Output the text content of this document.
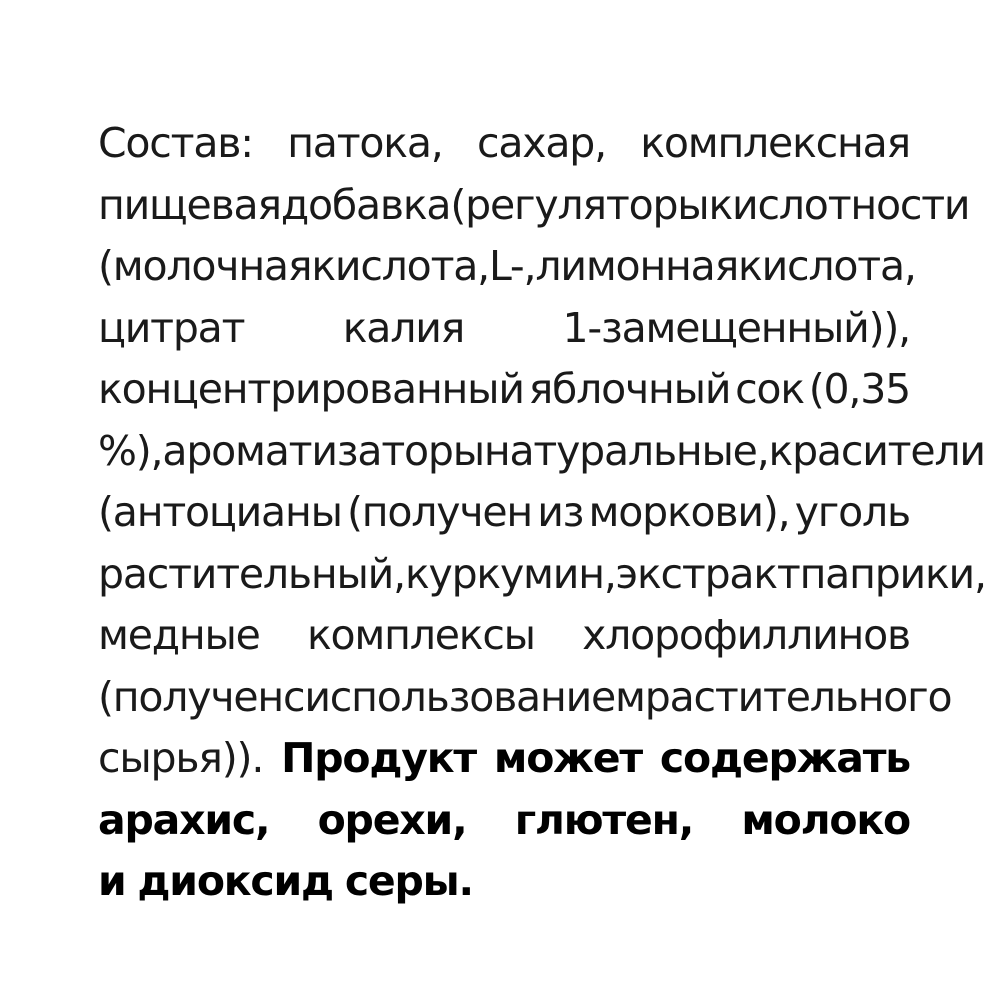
Состав: патока, сахар, комплексная
пищевая добавка (регуляторы кислотности
(молочная кислота, L-, лимонная кислота,
цитрат калия 1-замещенный)),
концентрированный яблочный сок (0,35
%), ароматизаторы натуральные, красители
(антоцианы (получен из моркови), уголь
растительный, куркумин, экстракт паприки,
медные комплексы хлорофиллинов
(получен с использованием растительного
сырья)). Продукт может содержать
арахис, орехи, глютен, молоко
и
диоксид
серы.
